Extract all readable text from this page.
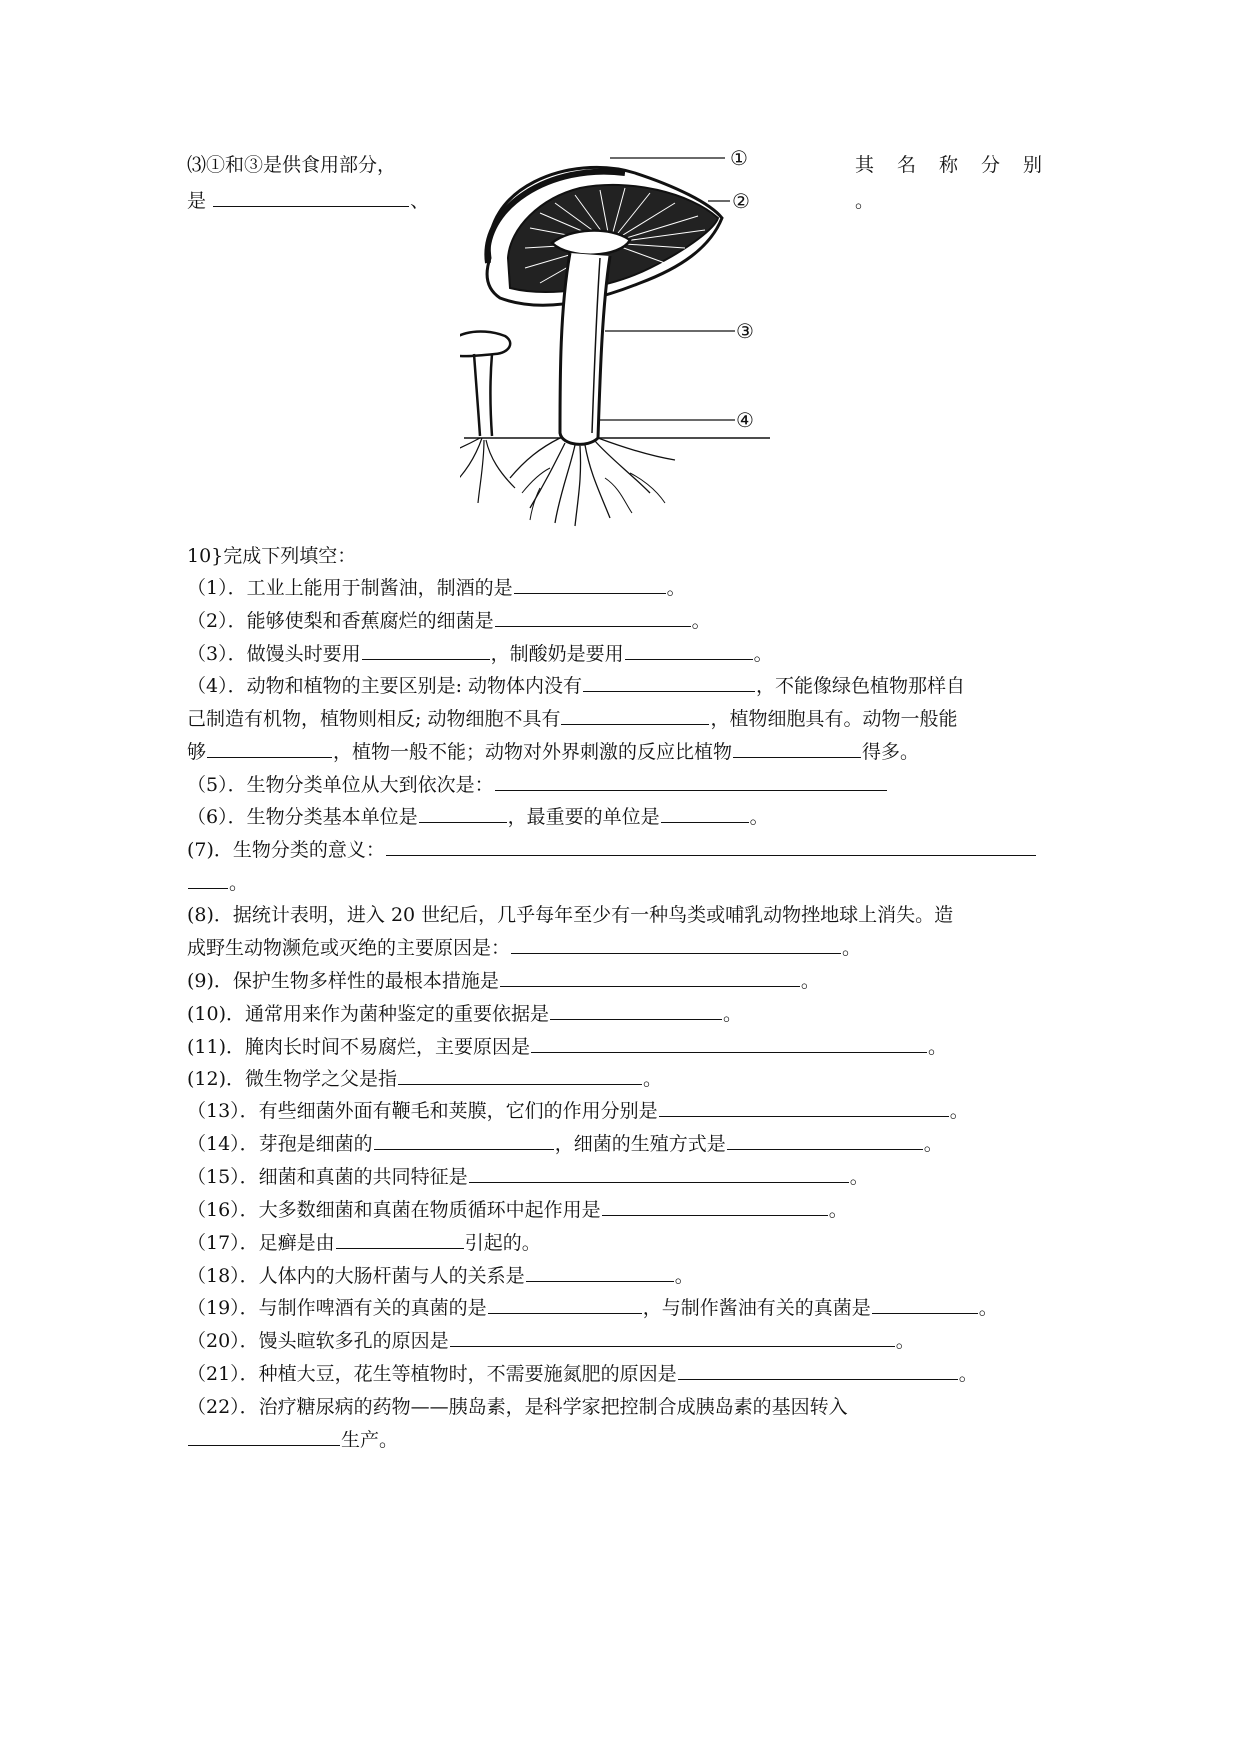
⑶①和③是供食用部分，	其名称分别
是	、	。
①
②
③
④
10}完成下列填空：
（1）．工业上能用于制酱油，制酒的是	。
（2）．能够使梨和香蕉腐烂的细菌是	。
（3）．做馒头时要用	，制酸奶是要用	。
（4）．动物和植物的主要区别是: 动物体内没有	，不能像绿色植物那样自
己制造有机物，植物则相反; 动物细胞不具有	，植物细胞具有。动物一般能
够	，植物一般不能；动物对外界刺激的反应比植物	得多。
（5）．生物分类单位从大到依次是：
（6）．生物分类基本单位是	，最重要的单位是	。
(7)．生物分类的意义：
。
(8)．据统计表明，进入 20 世纪后，几乎每年至少有一种鸟类或哺乳动物挫地球上消失。造
成野生动物濒危或灭绝的主要原因是：	。
(9)．保护生物多样性的最根本措施是	。
(10)．通常用来作为菌种鉴定的重要依据是	。
(11)．腌肉长时间不易腐烂，主要原因是	。
(12)．微生物学之父是指	。
（13）．有些细菌外面有鞭毛和荚膜，它们的作用分别是	。
（14）．芽孢是细菌的	，细菌的生殖方式是	。
（15）．细菌和真菌的共同特征是	。
（16）．大多数细菌和真菌在物质循环中起作用是	。
（17）．足癣是由	引起的。
（18）．人体内的大肠杆菌与人的关系是	。
（19）．与制作啤酒有关的真菌的是	，与制作酱油有关的真菌是	。
（20）．馒头暄软多孔的原因是	。
（21）．种植大豆，花生等植物时，不需要施氮肥的原因是	。
（22）．治疗糖尿病的药物——胰岛素，是科学家把控制合成胰岛素的基因转入
生产。
